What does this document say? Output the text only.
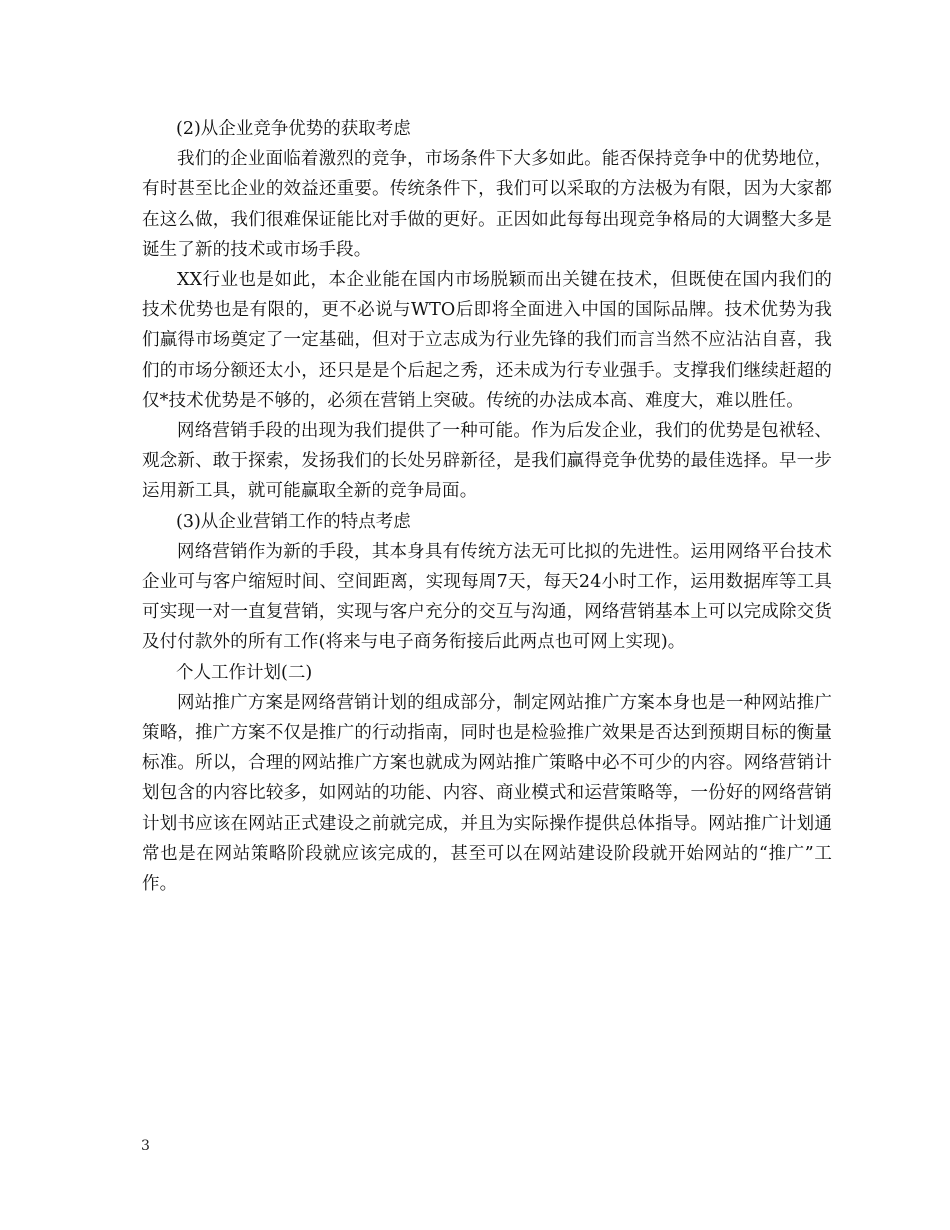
(2)从企业竞争优势的获取考虑

我们的企业面临着激烈的竞争，市场条件下大多如此。能否保持竞争中的优势地位，有时甚至比企业的效益还重要。传统条件下，我们可以采取的方法极为有限，因为大家都在这么做，我们很难保证能比对手做的更好。正因如此每每出现竞争格局的大调整大多是诞生了新的技术或市场手段。

XX行业也是如此，本企业能在国内市场脱颖而出关键在技术，但既使在国内我们的技术优势也是有限的，更不必说与WTO后即将全面进入中国的国际品牌。技术优势为我们赢得市场奠定了一定基础，但对于立志成为行业先锋的我们而言当然不应沾沾自喜，我们的市场分额还太小，还只是是个后起之秀，还未成为行专业强手。支撑我们继续赶超的仅*技术优势是不够的，必须在营销上突破。传统的办法成本高、难度大，难以胜任。

网络营销手段的出现为我们提供了一种可能。作为后发企业，我们的优势是包袱轻、观念新、敢于探索，发扬我们的长处另辟新径，是我们赢得竞争优势的最佳选择。早一步运用新工具，就可能赢取全新的竞争局面。

(3)从企业营销工作的特点考虑

网络营销作为新的手段，其本身具有传统方法无可比拟的先进性。运用网络平台技术企业可与客户缩短时间、空间距离，实现每周7天，每天24小时工作，运用数据库等工具可实现一对一直复营销，实现与客户充分的交互与沟通，网络营销基本上可以完成除交货及付付款外的所有工作(将来与电子商务衔接后此两点也可网上实现)。

个人工作计划(二)

网站推广方案是网络营销计划的组成部分，制定网站推广方案本身也是一种网站推广策略，推广方案不仅是推广的行动指南，同时也是检验推广效果是否达到预期目标的衡量标准。所以，合理的网站推广方案也就成为网站推广策略中必不可少的内容。网络营销计划包含的内容比较多，如网站的功能、内容、商业模式和运营策略等，一份好的网络营销计划书应该在网站正式建设之前就完成，并且为实际操作提供总体指导。网站推广计划通常也是在网站策略阶段就应该完成的，甚至可以在网站建设阶段就开始网站的“推广”工作。

3
